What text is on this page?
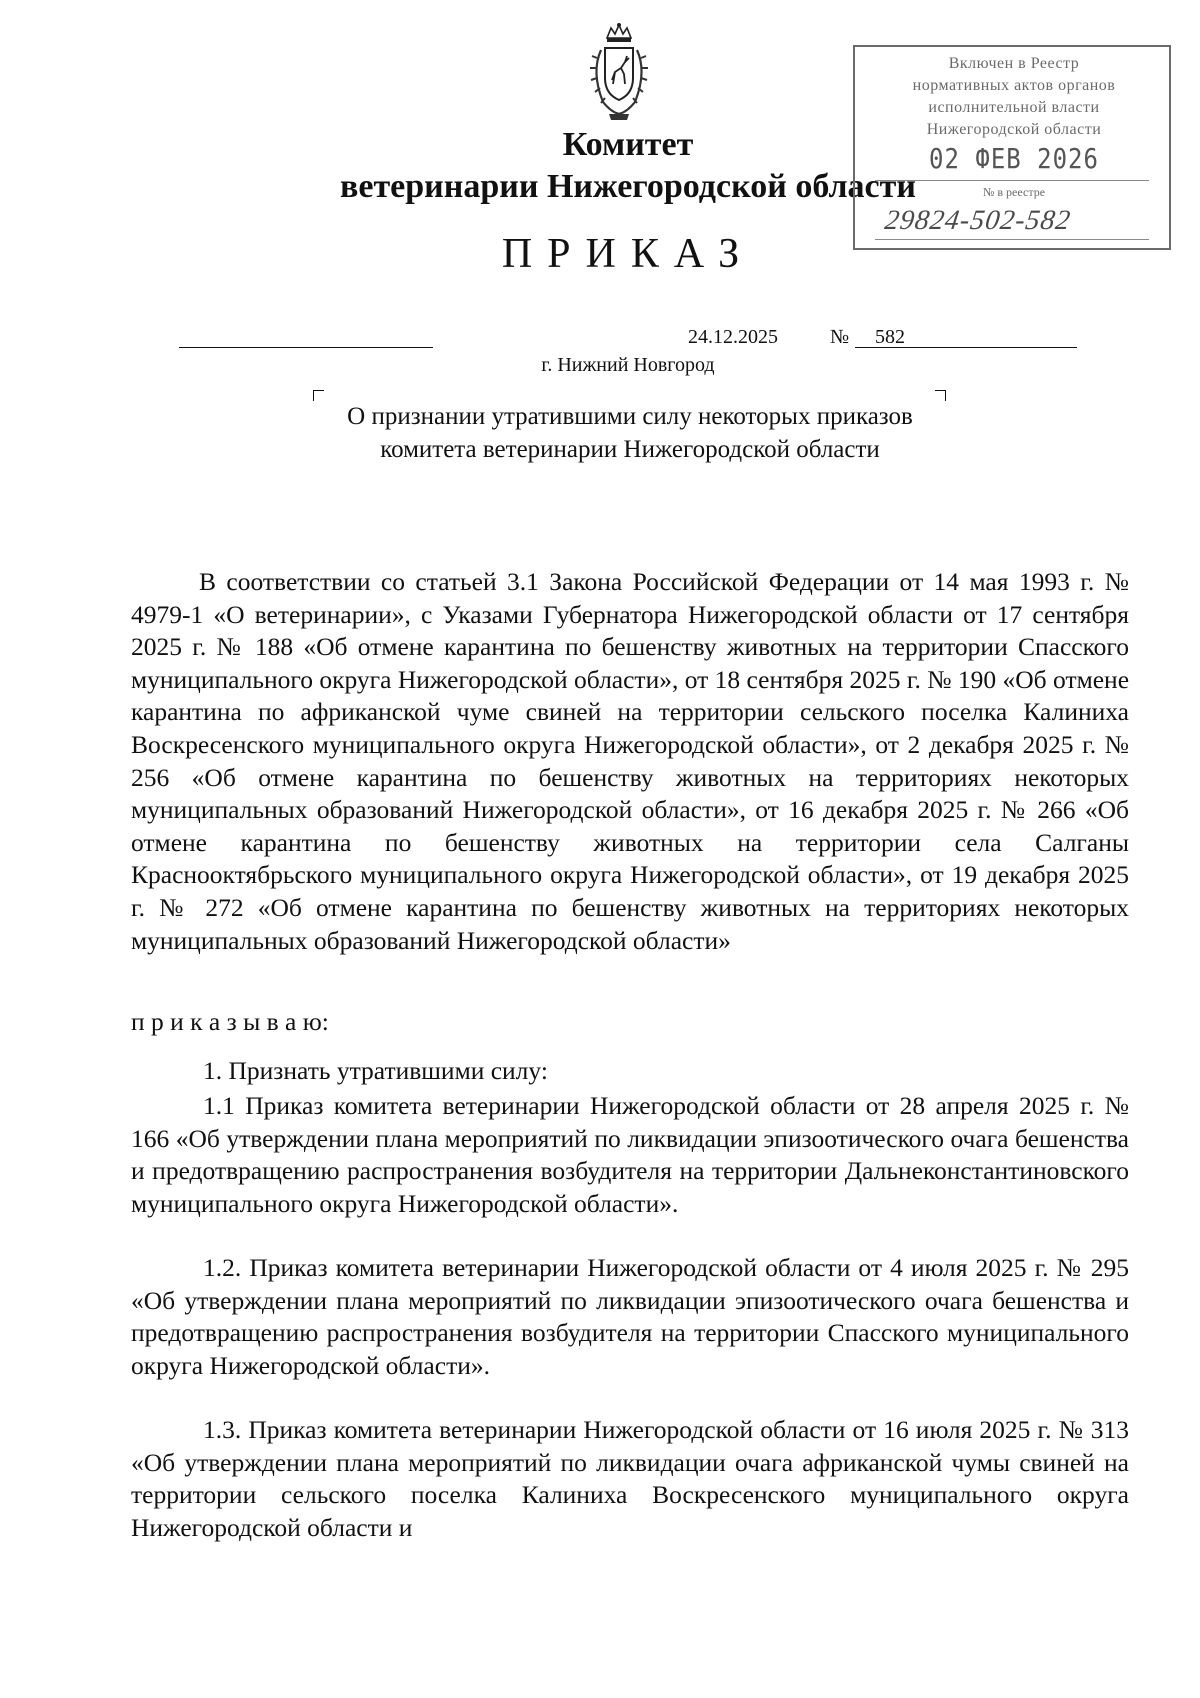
Комитет
ветеринарии Нижегородской области
ПРИКАЗ
Включен в Реестр
нормативных актов органов
исполнительной власти
Нижегородской области
02 ФЕВ 2026
№ в реестре
29824-502-582
24.12.2025	№ 582
г. Нижний Новгород
О признании утратившими силу некоторых приказов комитета ветеринарии Нижегородской области
В соответствии со статьей 3.1 Закона Российской Федерации от 14 мая 1993 г. № 4979-1 «О ветеринарии», с Указами Губернатора Нижегородской области от 17 сентября 2025 г. № 188 «Об отмене карантина по бешенству животных на территории Спасского муниципального округа Нижегородской области», от 18 сентября 2025 г. № 190 «Об отмене карантина по африканской чуме свиней на территории сельского поселка Калиниха Воскресенского муниципального округа Нижегородской области», от 2 декабря 2025 г. № 256 «Об отмене карантина по бешенству животных на территориях некоторых муниципальных образований Нижегородской области», от 16 декабря 2025 г. № 266 «Об отмене карантина по бешенству животных на территории села Салганы Краснооктябрьского муниципального округа Нижегородской области», от 19 декабря 2025 г. № 272 «Об отмене карантина по бешенству животных на территориях некоторых муниципальных образований Нижегородской области»
п р и к а з ы в а ю:
1. Признать утратившими силу:
1.1 Приказ комитета ветеринарии Нижегородской области от 28 апреля 2025 г. № 166 «Об утверждении плана мероприятий по ликвидации эпизоотического очага бешенства и предотвращению распространения возбудителя на территории Дальнеконстантиновского муниципального округа Нижегородской области».
1.2. Приказ комитета ветеринарии Нижегородской области от 4 июля 2025 г. № 295 «Об утверждении плана мероприятий по ликвидации эпизоотического очага бешенства и предотвращению распространения возбудителя на территории Спасского муниципального округа Нижегородской области».
1.3. Приказ комитета ветеринарии Нижегородской области от 16 июля 2025 г. № 313 «Об утверждении плана мероприятий по ликвидации очага африканской чумы свиней на территории сельского поселка Калиниха Воскресенского муниципального округа Нижегородской области и
